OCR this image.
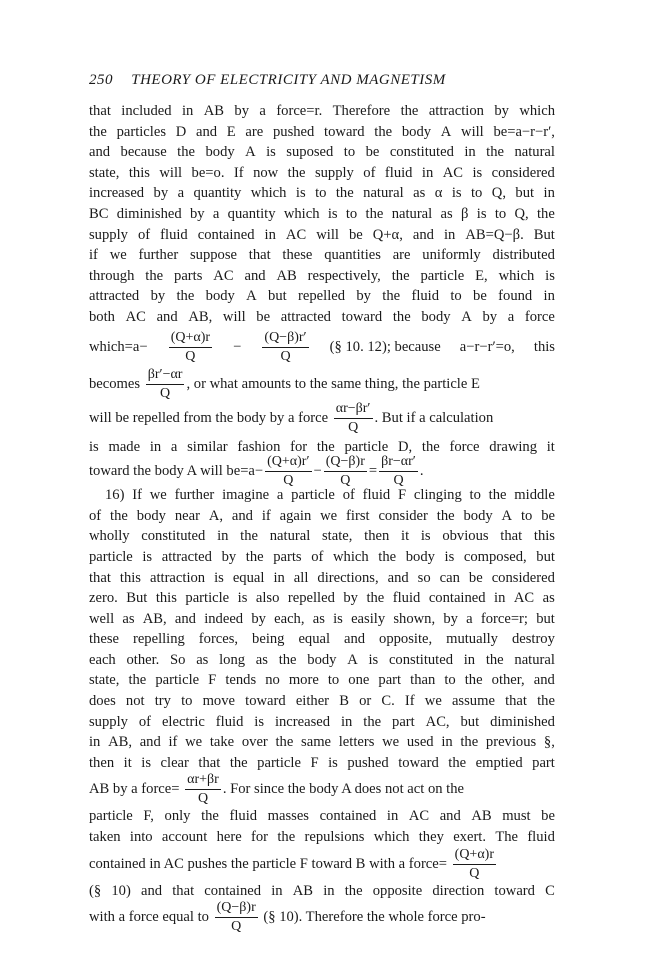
250 THEORY OF ELECTRICITY AND MAGNETISM
that included in AB by a force=r. Therefore the attraction by which
the particles D and E are pushed toward the body A will be=a−r−r′,
and because the body A is suposed to be constituted in the natural
state, this will be=o. If now the supply of fluid in AC is considered
increased by a quantity which is to the natural as α is to Q, but in
BC diminished by a quantity which is to the natural as β is to Q, the
supply of fluid contained in AC will be Q+α, and in AB=Q−β. But
if we further suppose that these quantities are uniformly distributed
through the parts AC and AB respectively, the particle E, which is
attracted by the body A but repelled by the fluid to be found in
both AC and AB, will be attracted toward the body A by a force
which=a− $\frac{(Q+\alpha)r}{Q} - \frac{(Q-\beta)r'}{Q}$ (§ 10. 12); because a−r−r′=o, this
becomes $\frac{\beta r'-\alpha r}{Q}$ , or what amounts to the same thing, the particle E
will be repelled from the body by a force $\frac{\alpha r-\beta r'}{Q}$ . But if a calculation
is made in a similar fashion for the particle D, the force drawing it
toward the body A will $be=a- \frac{(Q+\alpha)r'}{Q} - \frac{(Q-\beta)r}{Q} = \frac{\beta r-\alpha r'}{Q}$ .
16) If we further imagine a particle of fluid F clinging to the middle
of the body near A, and if again we first consider the body A to be
wholly constituted in the natural state, then it is obvious that this
particle is attracted by the parts of which the body is composed, but
that this attraction is equal in all directions, and so can be considered
zero. But this particle is also repelled by the fluid contained in AC as
well as AB, and indeed by each, as is easily shown, by a force=r; but
these repelling forces, being equal and opposite, mutually destroy
each other. So as long as the body A is constituted in the natural
state, the particle F tends no more to one part than to the other, and
does not try to move toward either B or C. If we assume that the
supply of electric fluid is increased in the part AC, but diminished
in AB, and if we take over the same letters we used in the previous §,
then it is clear that the particle F is pushed toward the emptied part
AB by a force= $\frac{\alpha r+\beta r}{Q}$ . For since the body A does not act on the
particle F, only the fluid masses contained in AC and AB must be
taken into account here for the repulsions which they exert. The fluid
contained in AC pushes the particle F toward B with a force= $\frac{(Q+\alpha)r}{Q}$
(§ 10) and that contained in AB in the opposite direction toward C
with a force equal to $\frac{(Q-\beta)r}{Q}$ (§ 10). Therefore the whole force pro-
